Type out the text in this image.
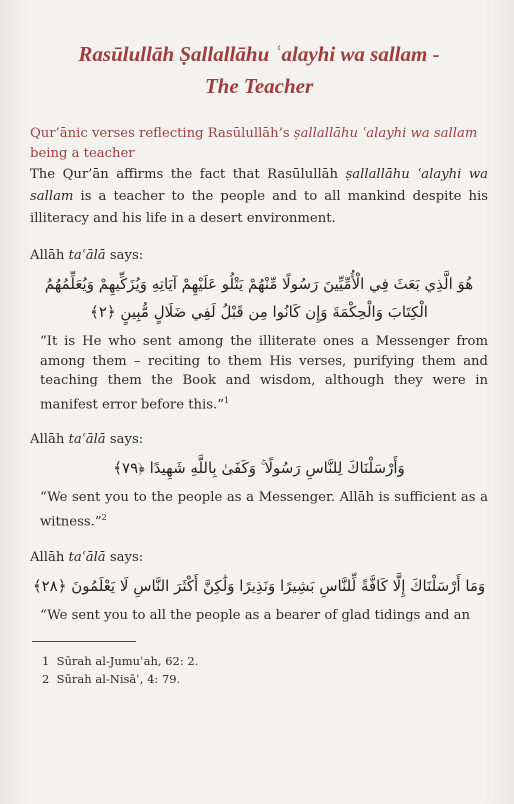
Rasūlullāh Ṣallallāhu ʿalayhi wa sallam -
The Teacher

Qur’ānic verses reflecting Rasūlullāh’s ṣallallāhu ʿalayhi wa sallam being a teacher

The Qur’ān affirms the fact that Rasūlullāh ṣallallāhu ʿalayhi wa sallam is a teacher to the people and to all mankind despite his illiteracy and his life in a desert environment.

Allāh taʿālā says:

هُوَ الَّذِي بَعَثَ فِي الْأُمِّيِّينَ رَسُولًا مِّنْهُمْ يَتْلُو عَلَيْهِمْ آيَاتِهِ وَيُزَكِّيهِمْ وَيُعَلِّمُهُمُ الْكِتَابَ وَالْحِكْمَةَ وَإِن كَانُوا مِن قَبْلُ لَفِي ضَلَالٍ مُّبِينٍ ﴿٢﴾

“It is He who sent among the illiterate ones a Messenger from among them – reciting to them His verses, purifying them and teaching them the Book and wisdom, although they were in manifest error before this.”$^1$

Allāh taʿālā says:

وَأَرْسَلْنَاكَ لِلنَّاسِ رَسُولًا ۚ وَكَفَىٰ بِاللَّهِ شَهِيدًا ﴿٧٩﴾

“We sent you to the people as a Messenger. Allāh is sufficient as a witness.”$^2$

Allāh taʿālā says:

وَمَا أَرْسَلْنَاكَ إِلَّا كَافَّةً لِّلنَّاسِ بَشِيرًا وَنَذِيرًا وَلَٰكِنَّ أَكْثَرَ النَّاسِ لَا يَعْلَمُونَ ﴿٢٨﴾

“We sent you to all the people as a bearer of glad tidings and an

1 Sūrah al-Jumuʿah, 62: 2.

2 Sūrah al-Nisāʾ, 4: 79.
